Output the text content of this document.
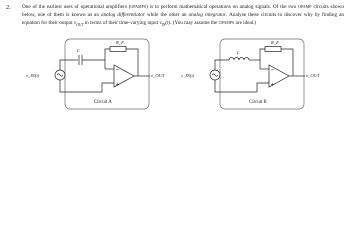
2. One of the earliest uses of operational amplifiers (opamps) is to perform mathematical operations on analog signals. Of the two opamp circuits shown below, one of them is known as an analog differentiator while the other an analog integrator. Analyse these circuits to discover why by finding an equation for their output $v_{OUT}$ in terms of their time-varying input $v_{IN}(t)$. (You may assume the opamps are ideal.)

−
+
R_F
C
v_IN(t)	v_OUT
Circuit A
−
+
R_F
L
v_IN(t)	v_OUT
Circuit B
